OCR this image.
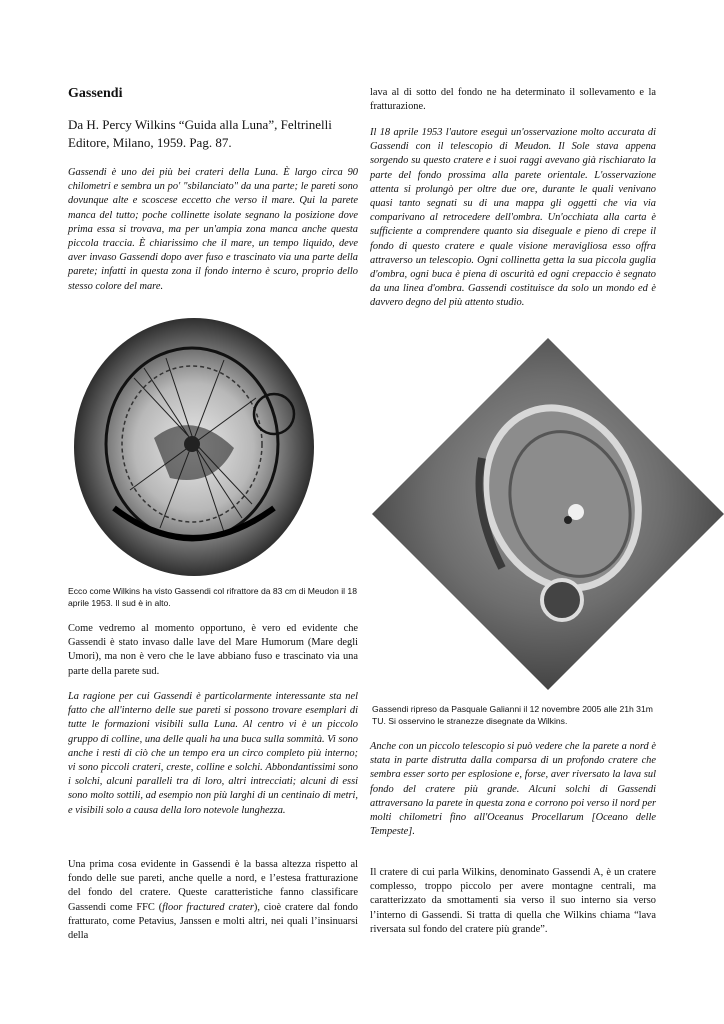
Gassendi
Da H. Percy Wilkins “Guida alla Luna”, Feltrinelli Editore, Milano, 1959. Pag. 87.
Gassendi è uno dei più bei crateri della Luna. È largo circa 90 chilometri e sembra un po' "sbilanciato" da una parte; le pareti sono dovunque alte e scoscese eccetto che verso il mare. Qui la parete manca del tutto; poche collinette isolate segnano la posizione dove prima essa si trovava, ma per un'ampia zona manca anche questa piccola traccia. È chiarissimo che il mare, un tempo liquido, deve aver invaso Gassendi dopo aver fuso e trascinato via una parte della parete; infatti in questa zona il fondo interno è scuro, proprio dello stesso colore del mare.
Ecco come Wilkins ha visto Gassendi col rifrattore da 83 cm di Meudon il 18 aprile 1953. Il sud è in alto.
Come vedremo al momento opportuno, è vero ed evidente che Gassendi è stato invaso dalle lave del Mare Humorum (Mare degli Umori), ma non è vero che le lave abbiano fuso e trascinato via una parte della parete sud.
La ragione per cui Gassendi è particolarmente interessante sta nel fatto che all'interno delle sue pareti si possono trovare esemplari di tutte le formazioni visibili sulla Luna. Al centro vi è un piccolo gruppo di colline, una delle quali ha una buca sulla sommità. Vi sono anche i resti di ciò che un tempo era un circo completo più interno; vi sono piccoli crateri, creste, colline e solchi. Abbondantissimi sono i solchi, alcuni paralleli tra di loro, altri intrecciati; alcuni di essi sono molto sottili, ad esempio non più larghi di un centinaio di metri, e visibili solo a causa della loro notevole lunghezza.
Una prima cosa evidente in Gassendi è la bassa altezza rispetto al fondo delle sue pareti, anche quelle a nord, e l’estesa fratturazione del fondo del cratere. Queste caratteristiche fanno classificare Gassendi come FFC (floor fractured crater), cioè cratere dal fondo fratturato, come Petavius, Janssen e molti altri, nei quali l’insinuarsi della
lava al di sotto del fondo ne ha determinato il sollevamento e la fratturazione.
Il 18 aprile 1953 l'autore eseguì un'osservazione molto accurata di Gassendi con il telescopio di Meudon. Il Sole stava appena sorgendo su questo cratere e i suoi raggi avevano già rischiarato la parte del fondo prossima alla parete orientale. L'osservazione attenta si prolungò per oltre due ore, durante le quali venivano quasi tanto segnati su di una mappa gli oggetti che via via comparivano al retrocedere dell'ombra. Un'occhiata alla carta è sufficiente a comprendere quanto sia diseguale e pieno di crepe il fondo di questo cratere e quale visione meravigliosa esso offra attraverso un telescopio. Ogni collinetta getta la sua piccola guglia d'ombra, ogni buca è piena di oscurità ed ogni crepaccio è segnato da una linea d'ombra. Gassendi costituisce da solo un mondo ed è davvero degno del più attento studio.
Gassendi ripreso da Pasquale Galianni il 12 novembre 2005 alle 21h 31m TU. Si osservino le stranezze disegnate da Wilkins.
Anche con un piccolo telescopio si può vedere che la parete a nord è stata in parte distrutta dalla comparsa di un profondo cratere che sembra esser sorto per esplosione e, forse, aver riversato la lava sul fondo del cratere più grande. Alcuni solchi di Gassendi attraversano la parete in questa zona e corrono poi verso il nord per molti chilometri fino all'Oceanus Procellarum [Oceano delle Tempeste].
Il cratere di cui parla Wilkins, denominato Gassendi A, è un cratere complesso, troppo piccolo per avere montagne centrali, ma caratterizzato da smottamenti sia verso il suo interno sia verso l’interno di Gassendi. Si tratta di quella che Wilkins chiama “lava riversata sul fondo del cratere più grande”.
